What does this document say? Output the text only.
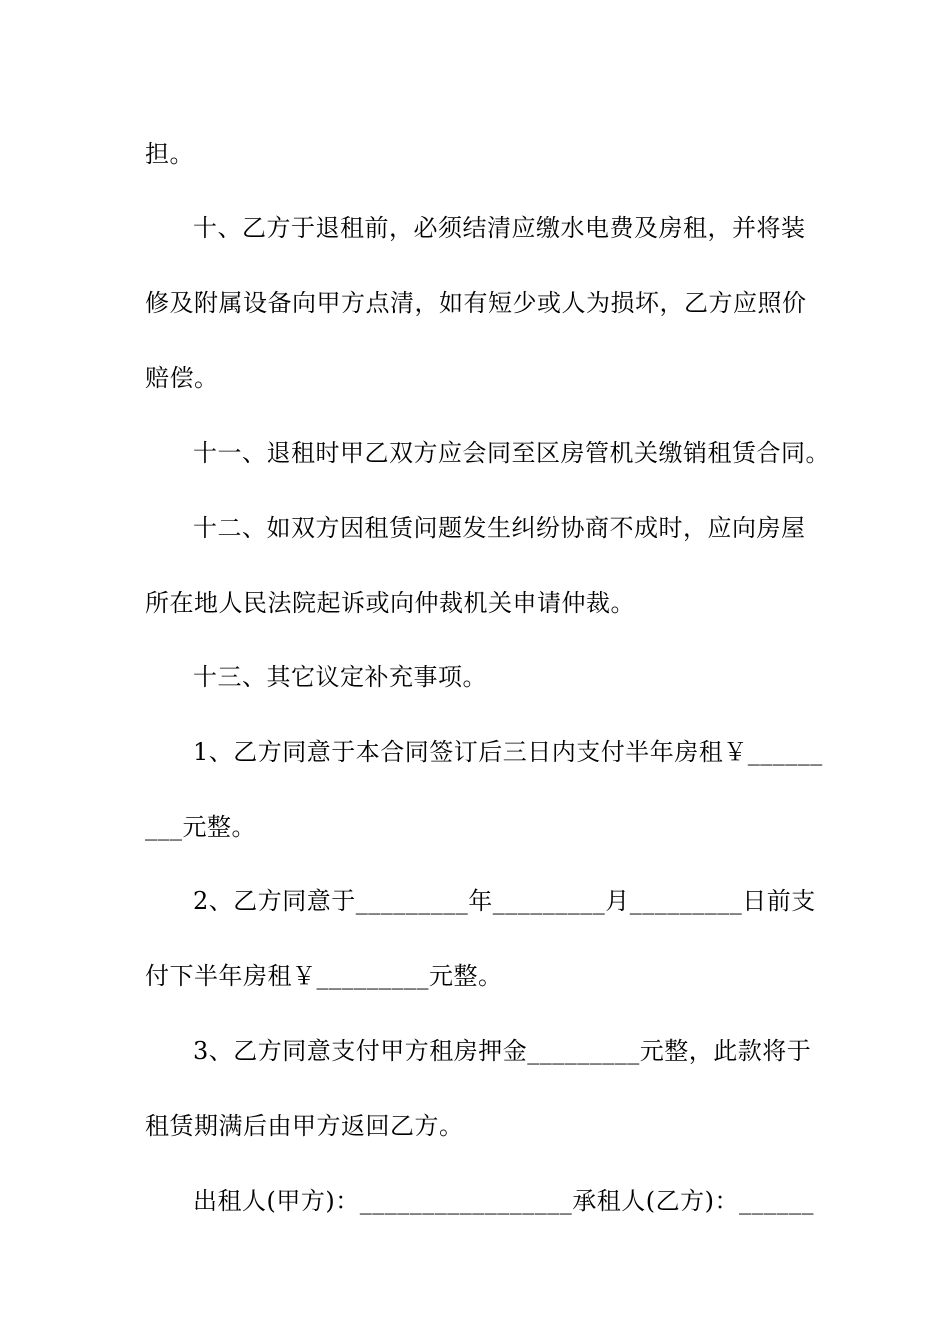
担。
十、乙方于退租前，必须结清应缴水电费及房租，并将装
修及附属设备向甲方点清，如有短少或人为损坏，乙方应照价
赔偿。
十一、退租时甲乙双方应会同至区房管机关缴销租赁合同。
十二、如双方因租赁问题发生纠纷协商不成时，应向房屋
所在地人民法院起诉或向仲裁机关申请仲裁。
十三、其它议定补充事项。
1、乙方同意于本合同签订后三日内支付半年房租￥______
___元整。
2、乙方同意于_________年_________月_________日前支
付下半年房租￥_________元整。
3、乙方同意支付甲方租房押金_________元整，此款将于
租赁期满后由甲方返回乙方。
出租人(甲方)：_________________承租人(乙方)：______
